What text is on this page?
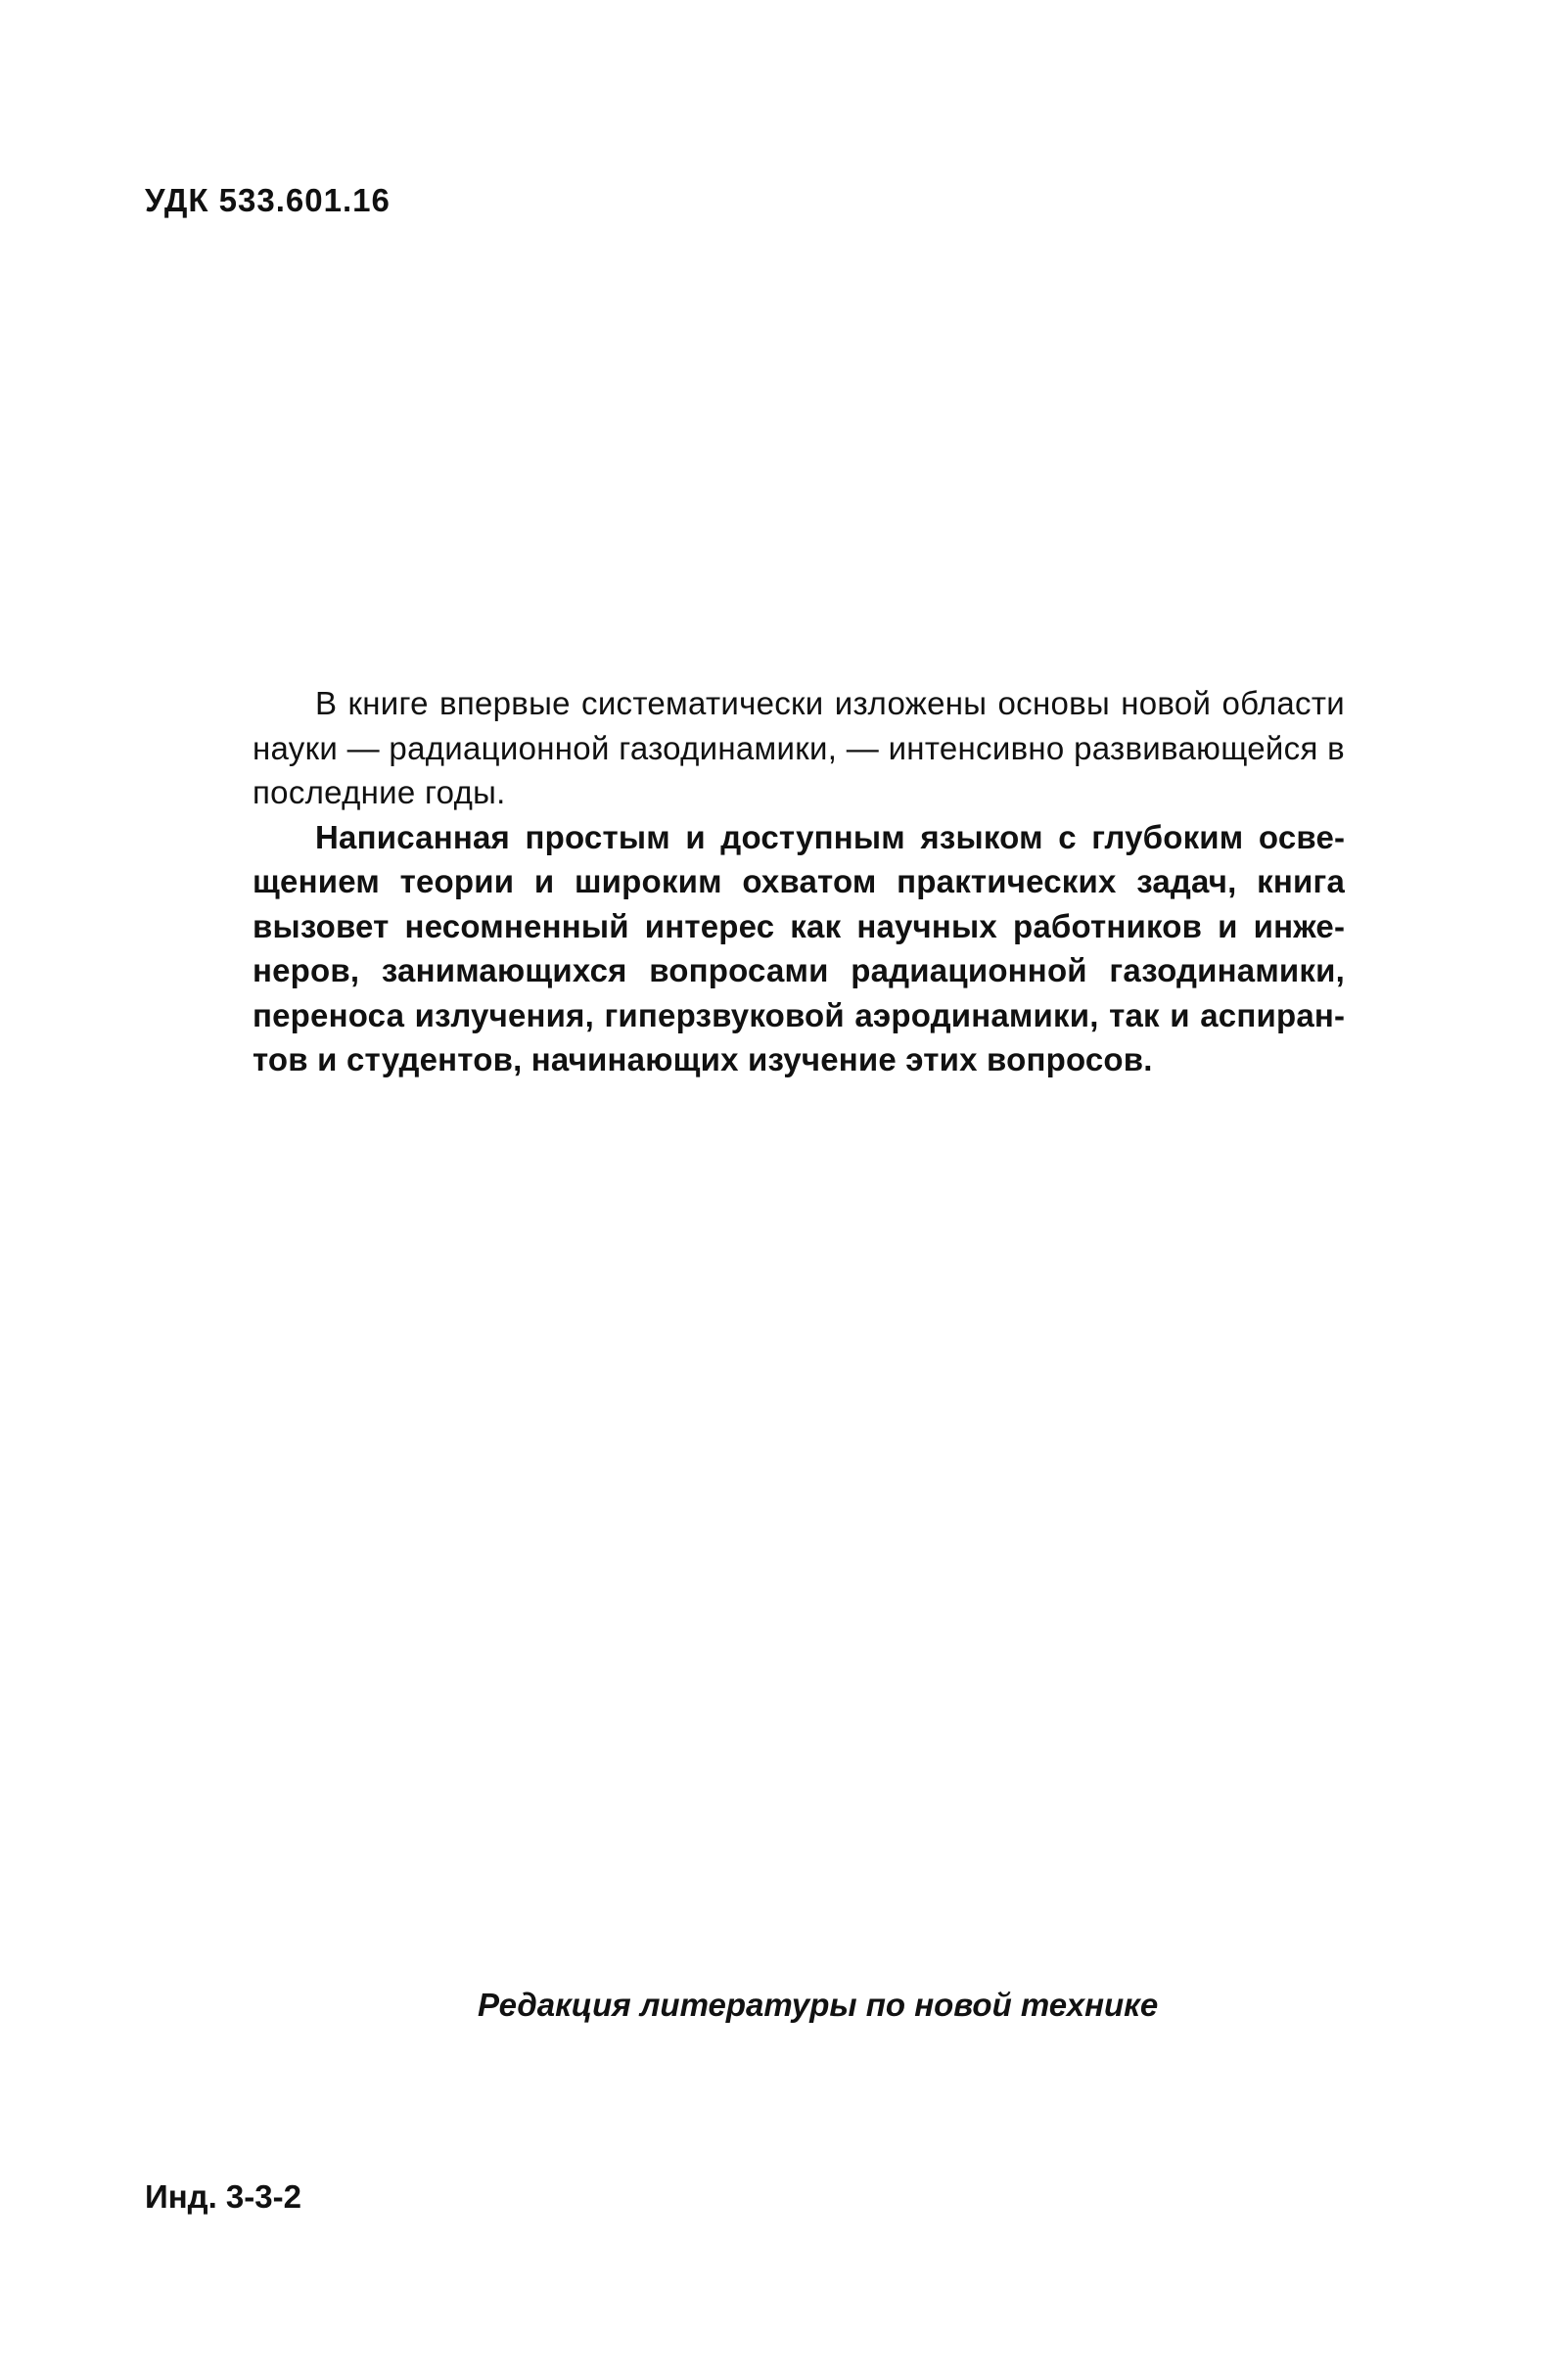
УДК 533.601.16

В книге впервые систематически изложены основы новой области науки — радиационной газодинамики, — интенсивно развивающейся в последние годы.

Написанная простым и доступным языком с глубоким освещением теории и широким охватом практических задач, книга вызовет несомненный интерес как научных работников и инженеров, занимающихся вопросами радиационной газодинамики, переноса излучения, гиперзвуковой аэродинамики, так и аспирантов и студентов, начинающих изучение этих вопросов.

Редакция литературы по новой технике
Инд. 3-3-2
